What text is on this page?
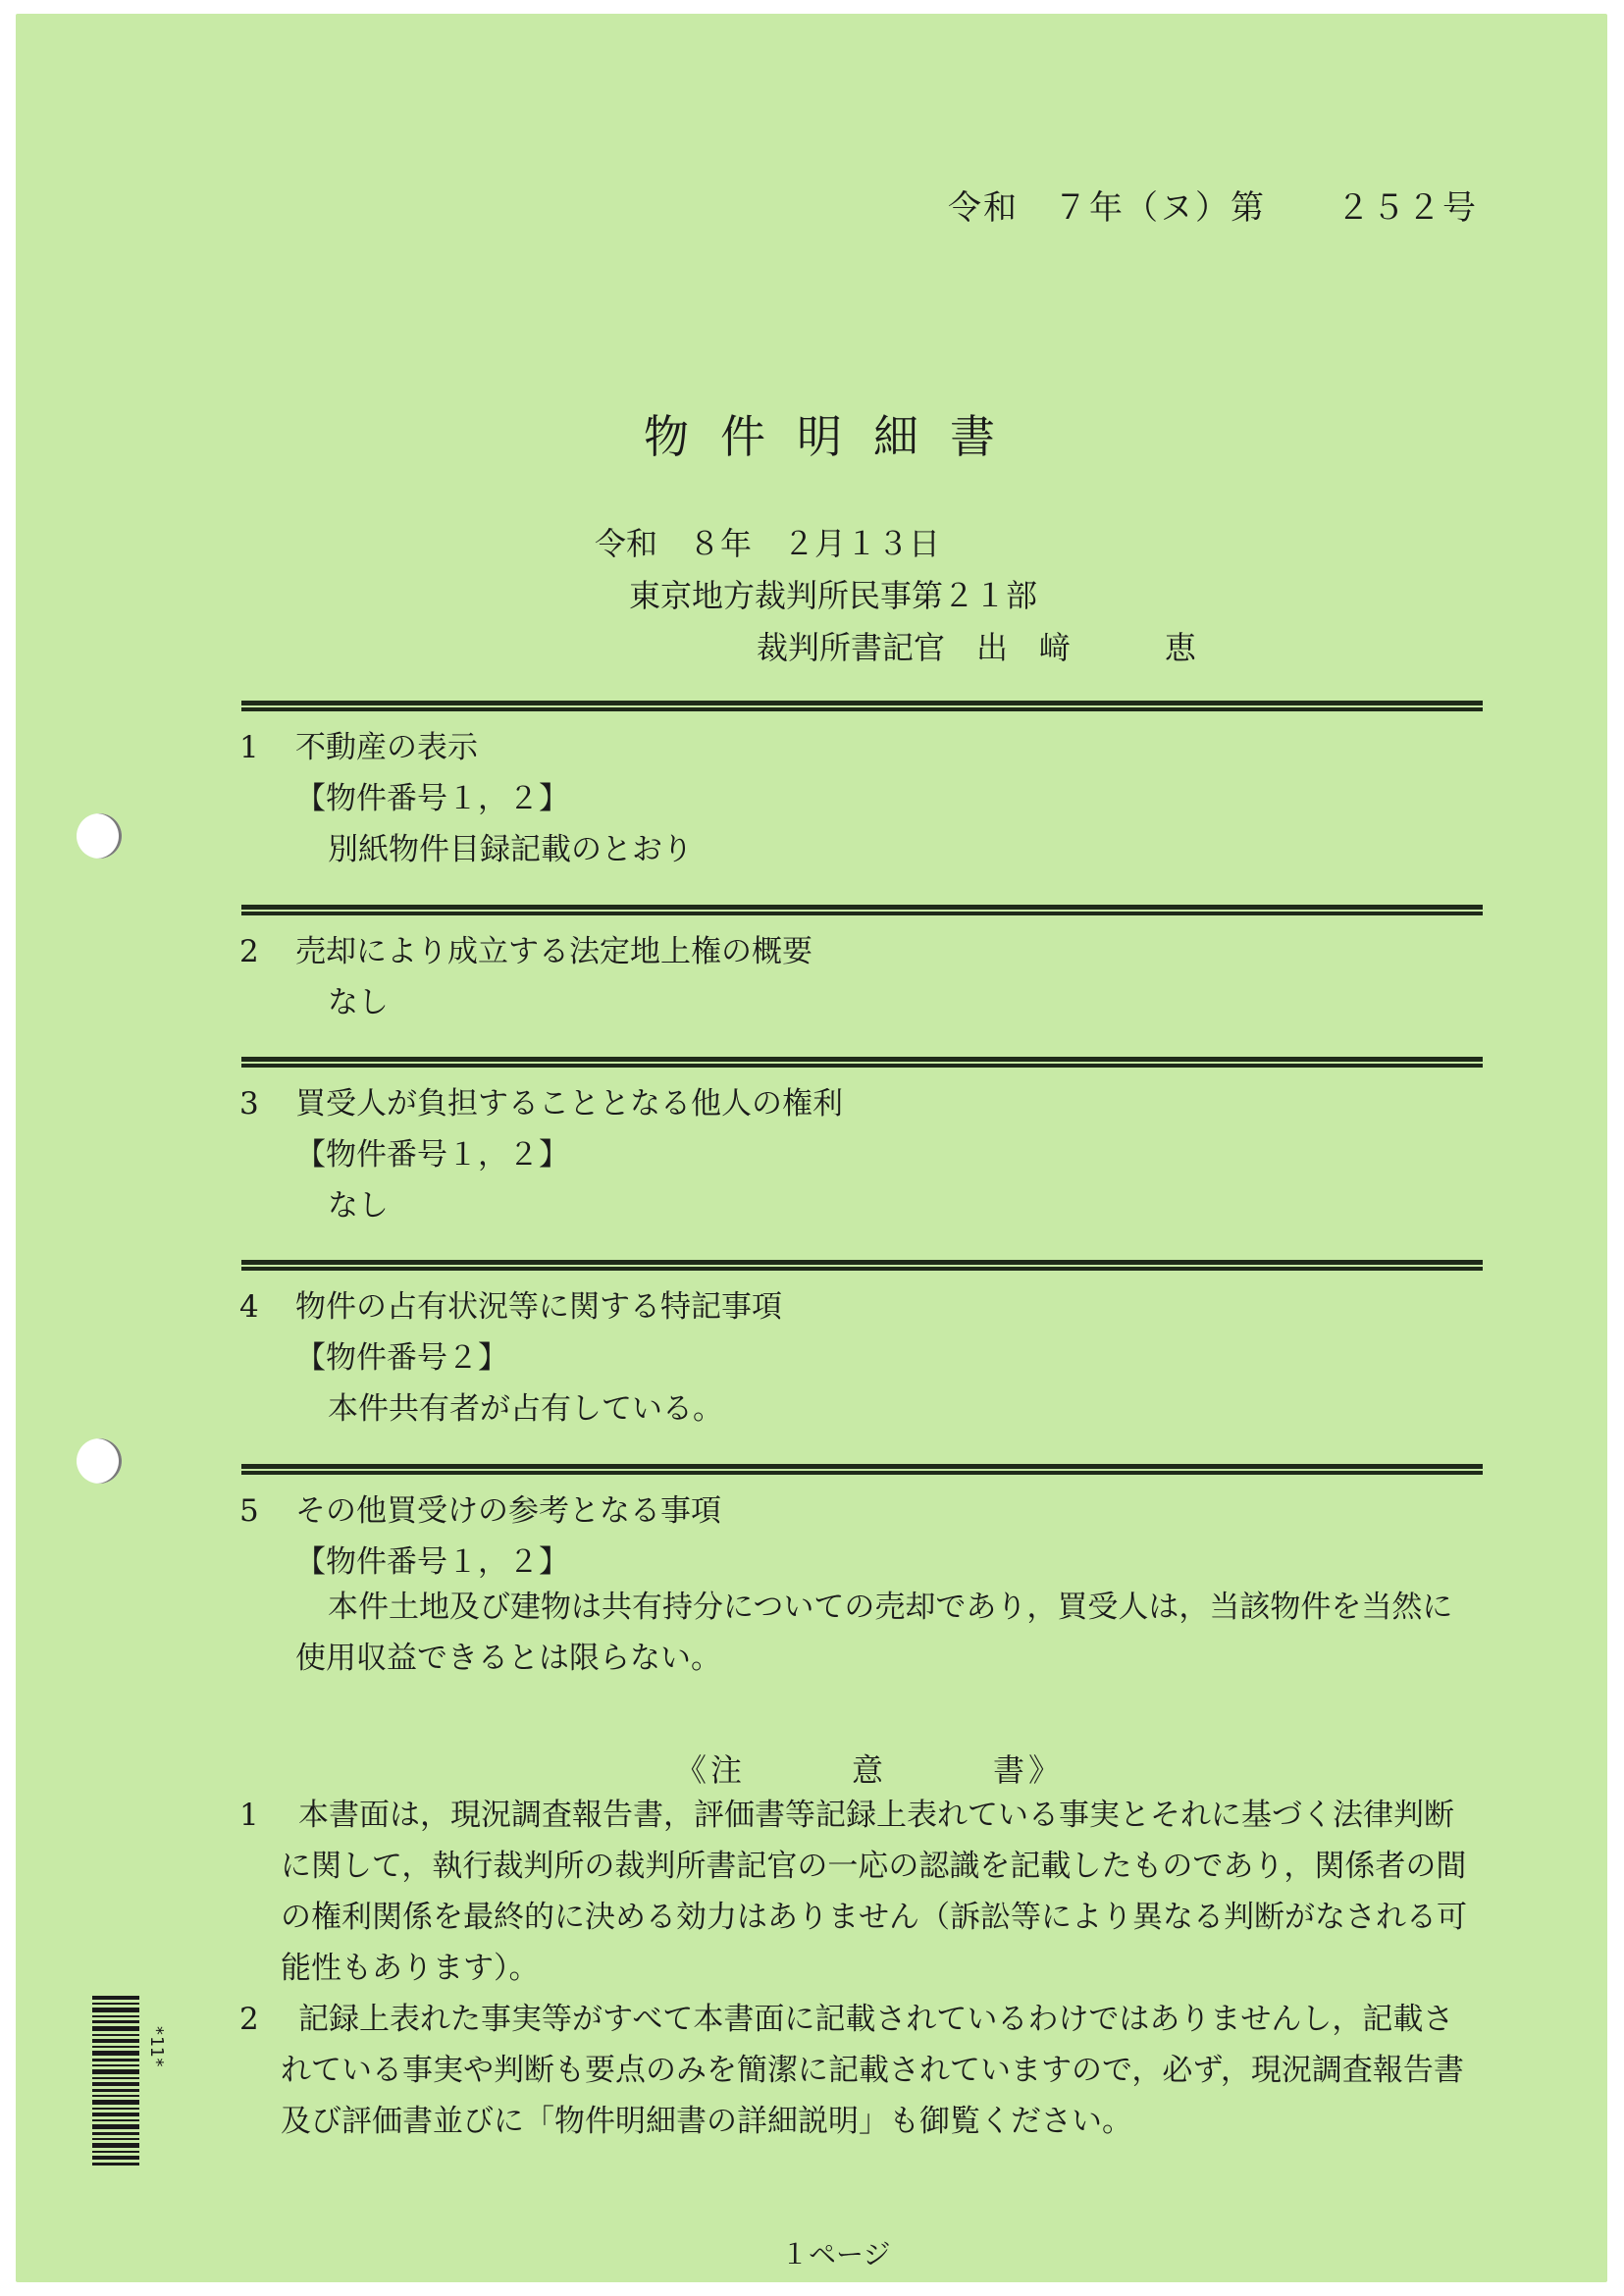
令和　７年（ヌ）第　　２５２号
物件明細書
令和　８年　２月１３日
東京地方裁判所民事第２１部
裁判所書記官　出　﨑　　　恵
1 不動産の表示
【物件番号１，２】
別紙物件目録記載のとおり
2 売却により成立する法定地上権の概要
なし
3 買受人が負担することとなる他人の権利
【物件番号１，２】
なし
4 物件の占有状況等に関する特記事項
【物件番号２】
本件共有者が占有している。
5 その他買受けの参考となる事項
【物件番号１，２】
本件土地及び建物は共有持分についての売却であり，買受人は，当該物件を当然に使用収益できるとは限らない。
《注　　　意　　　書》
1	本書面は，現況調査報告書，評価書等記録上表れている事実とそれに基づく法律判断に関して，執行裁判所の裁判所書記官の一応の認識を記載したものであり，関係者の間の権利関係を最終的に決める効力はありません（訴訟等により異なる判断がなされる可能性もあります）。
2	記録上表れた事実等がすべて本書面に記載されているわけではありませんし，記載されている事実や判断も要点のみを簡潔に記載されていますので，必ず，現況調査報告書及び評価書並びに「物件明細書の詳細説明」も御覧ください。
１ページ
*11*
